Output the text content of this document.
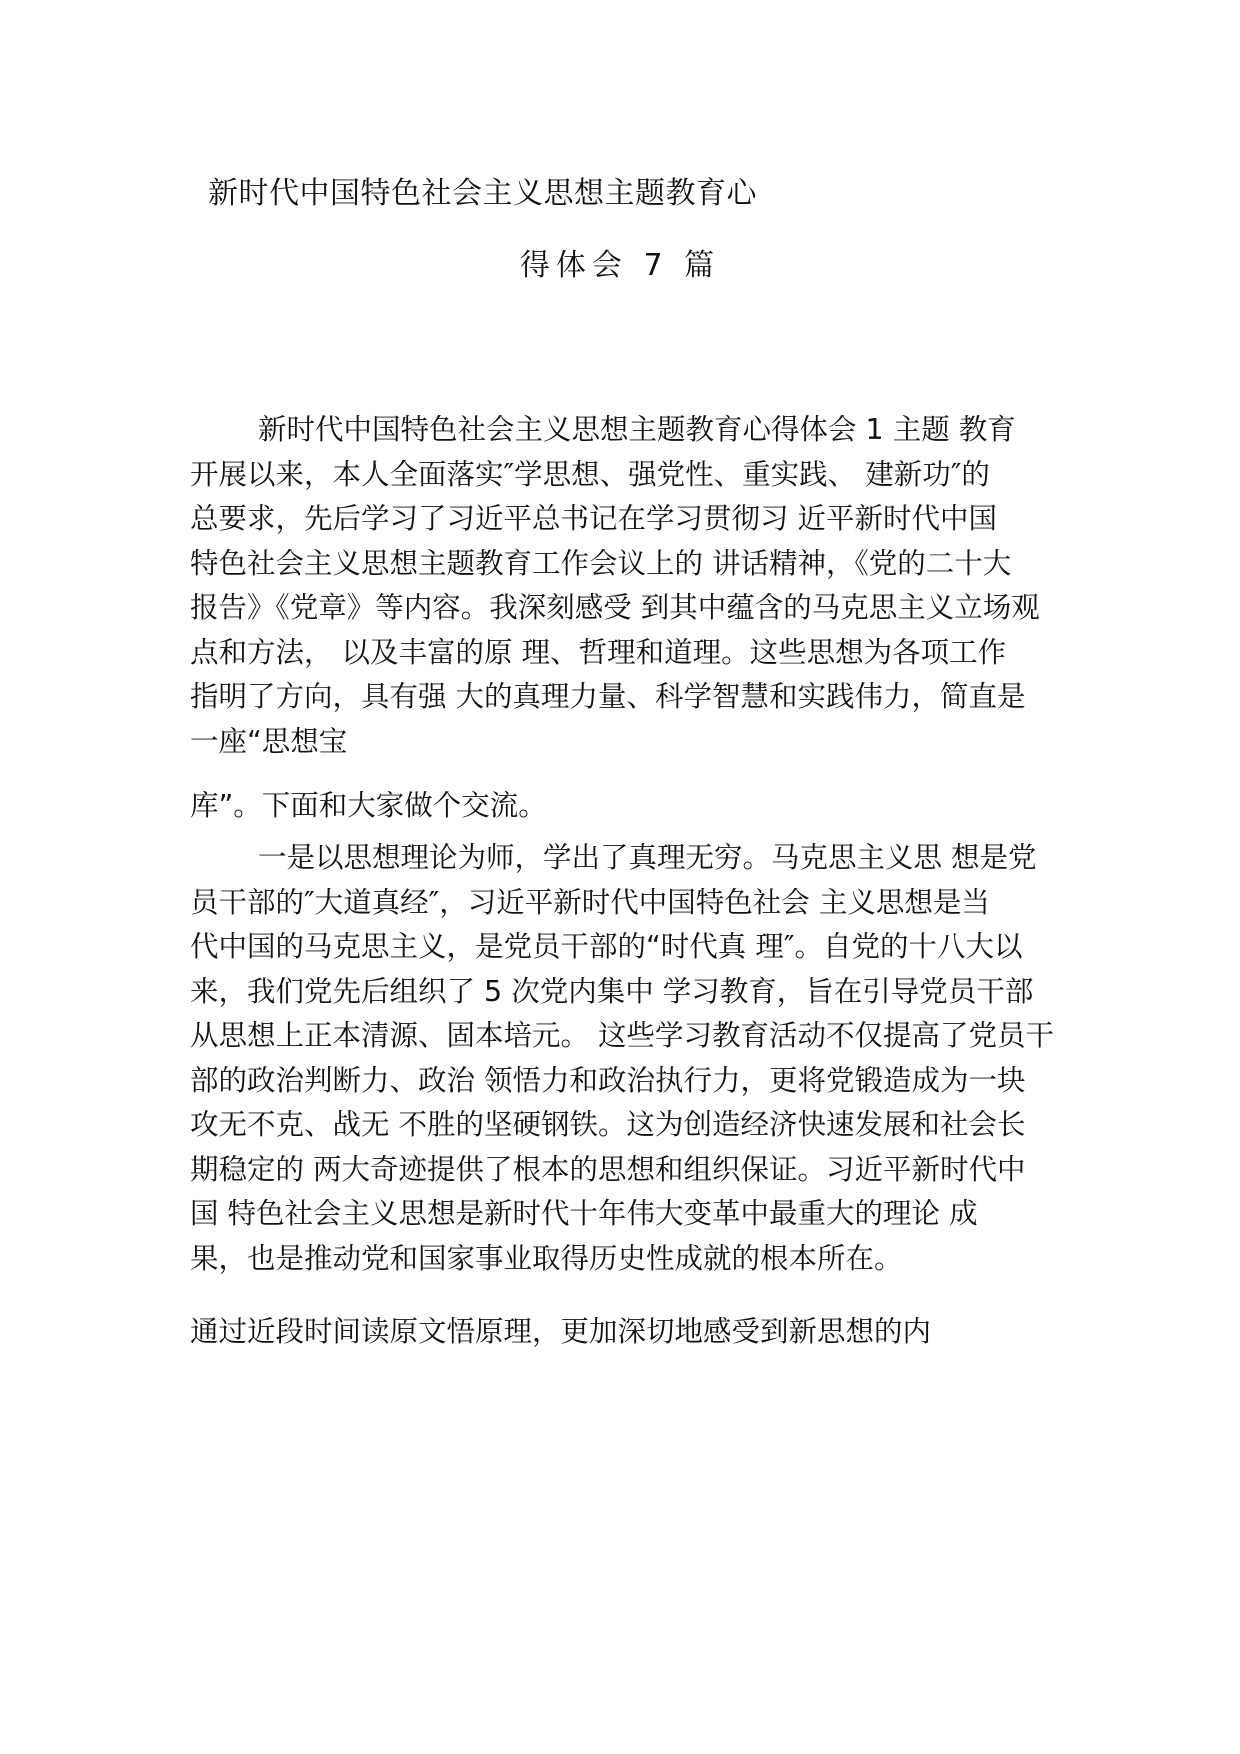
新时代中国特色社会主义思想主题教育心
得体会 7 篇
新时代中国特色社会主义思想主题教育心得体会 1 主题 教育
开展以来，本人全面落实″学思想、强党性、重实践、 建新功″的
总要求，先后学习了习近平总书记在学习贯彻习 近平新时代中国
特色社会主义思想主题教育工作会议上的 讲话精神，《党的二十大
报告》《党章》等内容。我深刻感受 到其中蕴含的马克思主义立场观
点和方法， 以及丰富的原 理、哲理和道理。这些思想为各项工作
指明了方向，具有强 大的真理力量、科学智慧和实践伟力，简直是
一座“思想宝
库”。下面和大家做个交流。
一是以思想理论为师，学出了真理无穷。马克思主义思 想是党
员干部的″大道真经″，习近平新时代中国特色社会 主义思想是当
代中国的马克思主义，是党员干部的“时代真 理″。自党的十八大以
来，我们党先后组织了 5 次党内集中 学习教育，旨在引导党员干部
从思想上正本清源、固本培元。 这些学习教育活动不仅提高了党员干
部的政治判断力、政治 领悟力和政治执行力，更将党锻造成为一块
攻无不克、战无 不胜的坚硬钢铁。这为创造经济快速发展和社会长
期稳定的 两大奇迹提供了根本的思想和组织保证。习近平新时代中
国 特色社会主义思想是新时代十年伟大变革中最重大的理论 成
果，也是推动党和国家事业取得历史性成就的根本所在。
通过近段时间读原文悟原理，更加深切地感受到新思想的内
